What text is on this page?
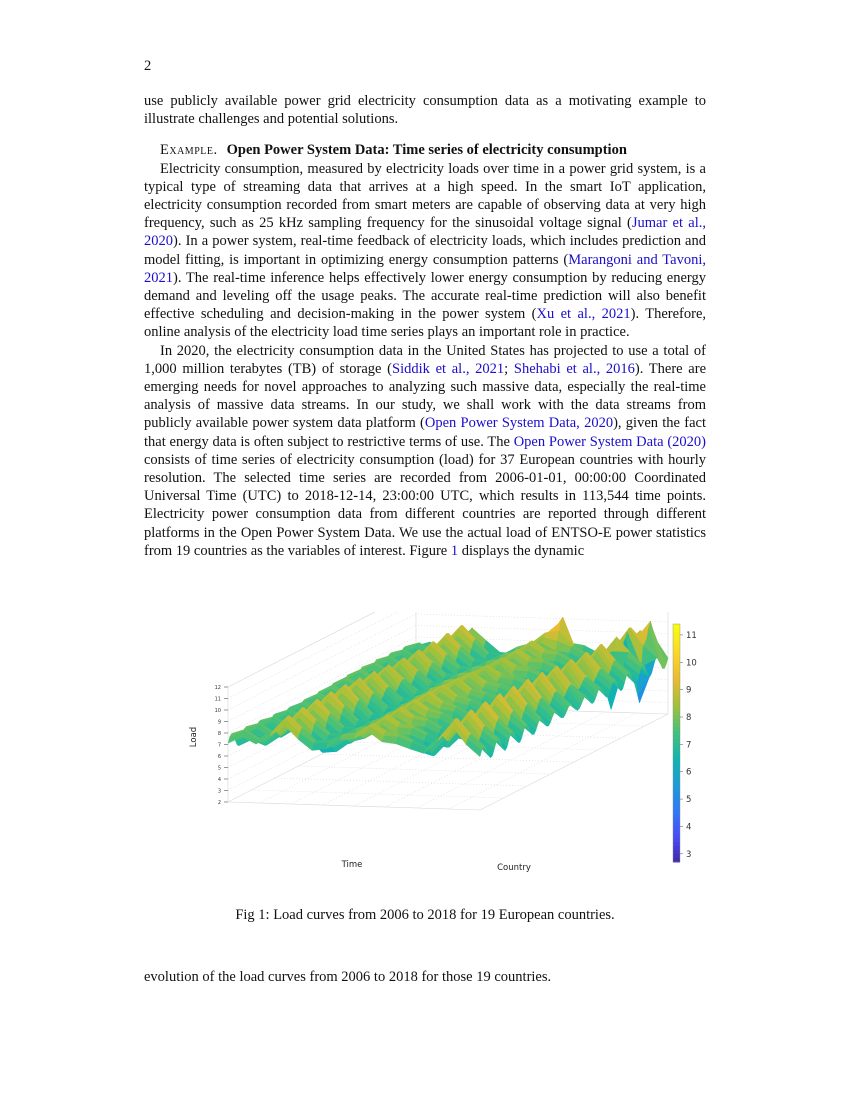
2

use publicly available power grid electricity consumption data as a motivating example to illustrate challenges and potential solutions.

Example. Open Power System Data: Time series of electricity consumption

Electricity consumption, measured by electricity loads over time in a power grid system, is a typical type of streaming data that arrives at a high speed. In the smart IoT application, electricity consumption recorded from smart meters are capable of observing data at very high frequency, such as 25 kHz sampling frequency for the sinusoidal voltage signal (Jumar et al., 2020). In a power system, real-time feedback of electricity loads, which includes prediction and model fitting, is important in optimizing energy consumption patterns (Marangoni and Tavoni, 2021). The real-time inference helps effectively lower energy consumption by reducing energy demand and leveling off the usage peaks. The accurate real-time prediction will also benefit effective scheduling and decision-making in the power system (Xu et al., 2021). Therefore, online analysis of the electricity load time series plays an important role in practice.

In 2020, the electricity consumption data in the United States has projected to use a total of 1,000 million terabytes (TB) of storage (Siddik et al., 2021; Shehabi et al., 2016). There are emerging needs for novel approaches to analyzing such massive data, especially the real-time analysis of massive data streams. In our study, we shall work with the data streams from publicly available power system data platform (Open Power System Data, 2020), given the fact that energy data is often subject to restrictive terms of use. The Open Power System Data (2020) consists of time series of electricity consumption (load) for 37 European countries with hourly resolution. The selected time series are recorded from 2006-01-01, 00:00:00 Coordinated Universal Time (UTC) to 2018-12-14, 23:00:00 UTC, which results in 113,544 time points. Electricity power consumption data from different countries are reported through different platforms in the Open Power System Data. We use the actual load of ENTSO-E power statistics from 19 countries as the variables of interest. Figure 1 displays the dynamic

2
3
4
5
6
7
8
9
10
11
12
Load
Time	Country
3
4
5
6
7
8
9
10
11
Fig 1: Load curves from 2006 to 2018 for 19 European countries.

evolution of the load curves from 2006 to 2018 for those 19 countries.
